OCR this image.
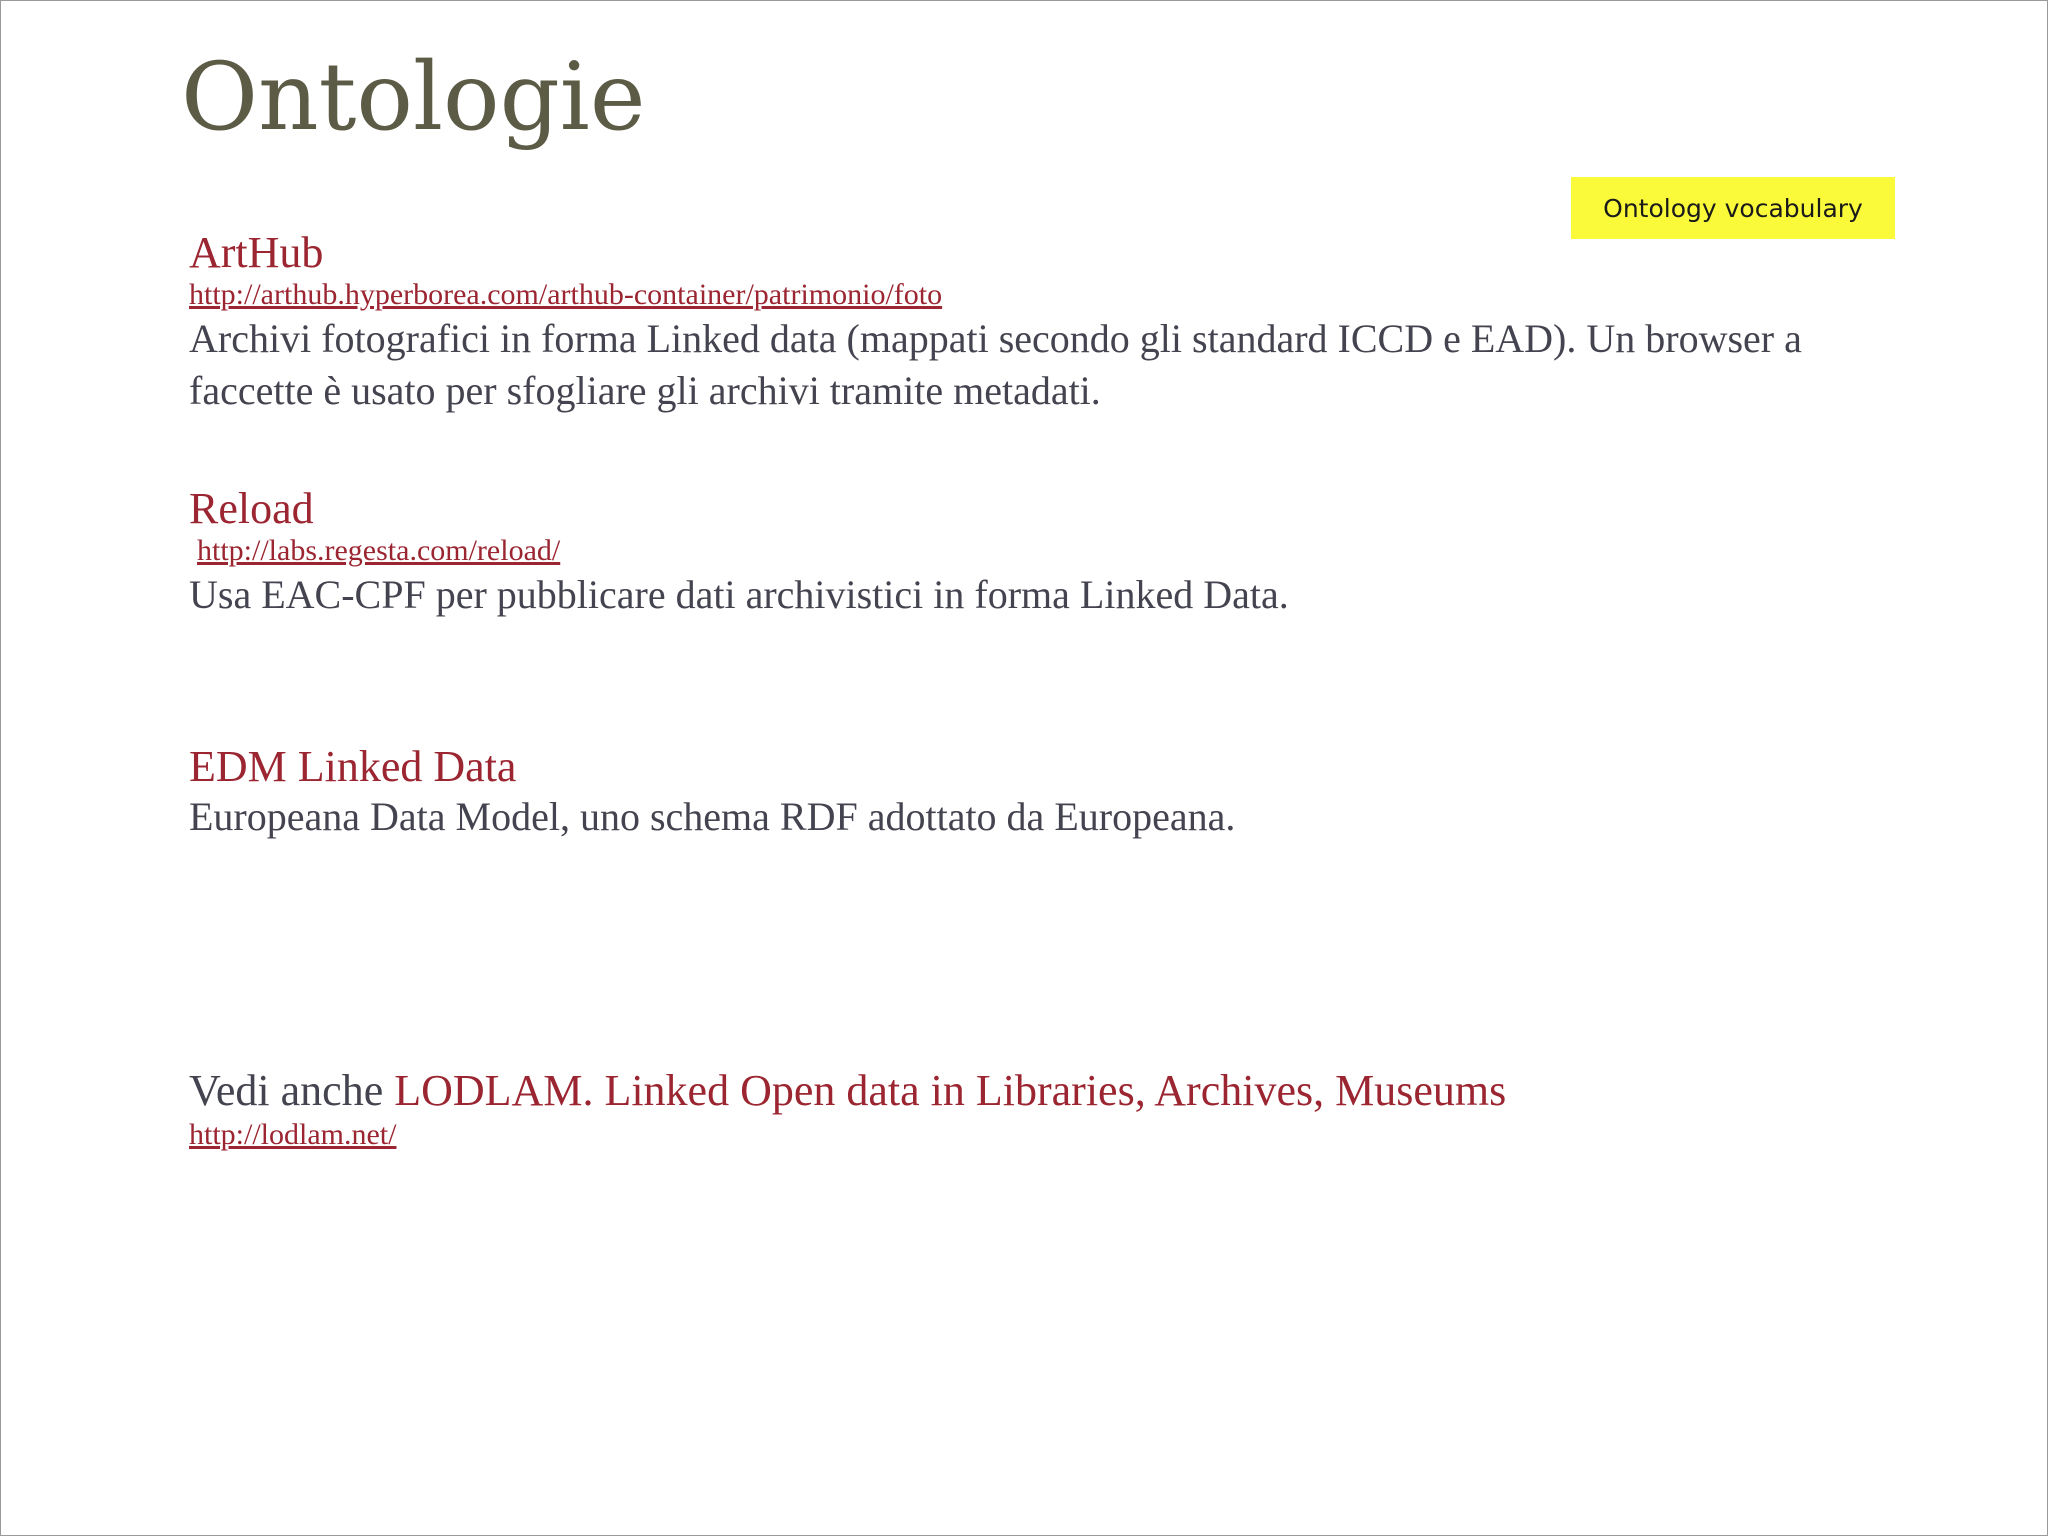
Ontologie
Ontology vocabulary
ArtHub
http://arthub.hyperborea.com/arthub-container/patrimonio/foto

Archivi fotografici in forma Linked data (mappati secondo gli standard ICCD e EAD). Un browser a faccette è usato per sfogliare gli archivi tramite metadati.

Reload
http://labs.regesta.com/reload/

Usa EAC-CPF per pubblicare dati archivistici in forma Linked Data.

EDM Linked Data

Europeana Data Model, uno schema RDF adottato da Europeana.

Vedi anche LODLAM. Linked Open data in Libraries, Archives, Museums
http://lodlam.net/
